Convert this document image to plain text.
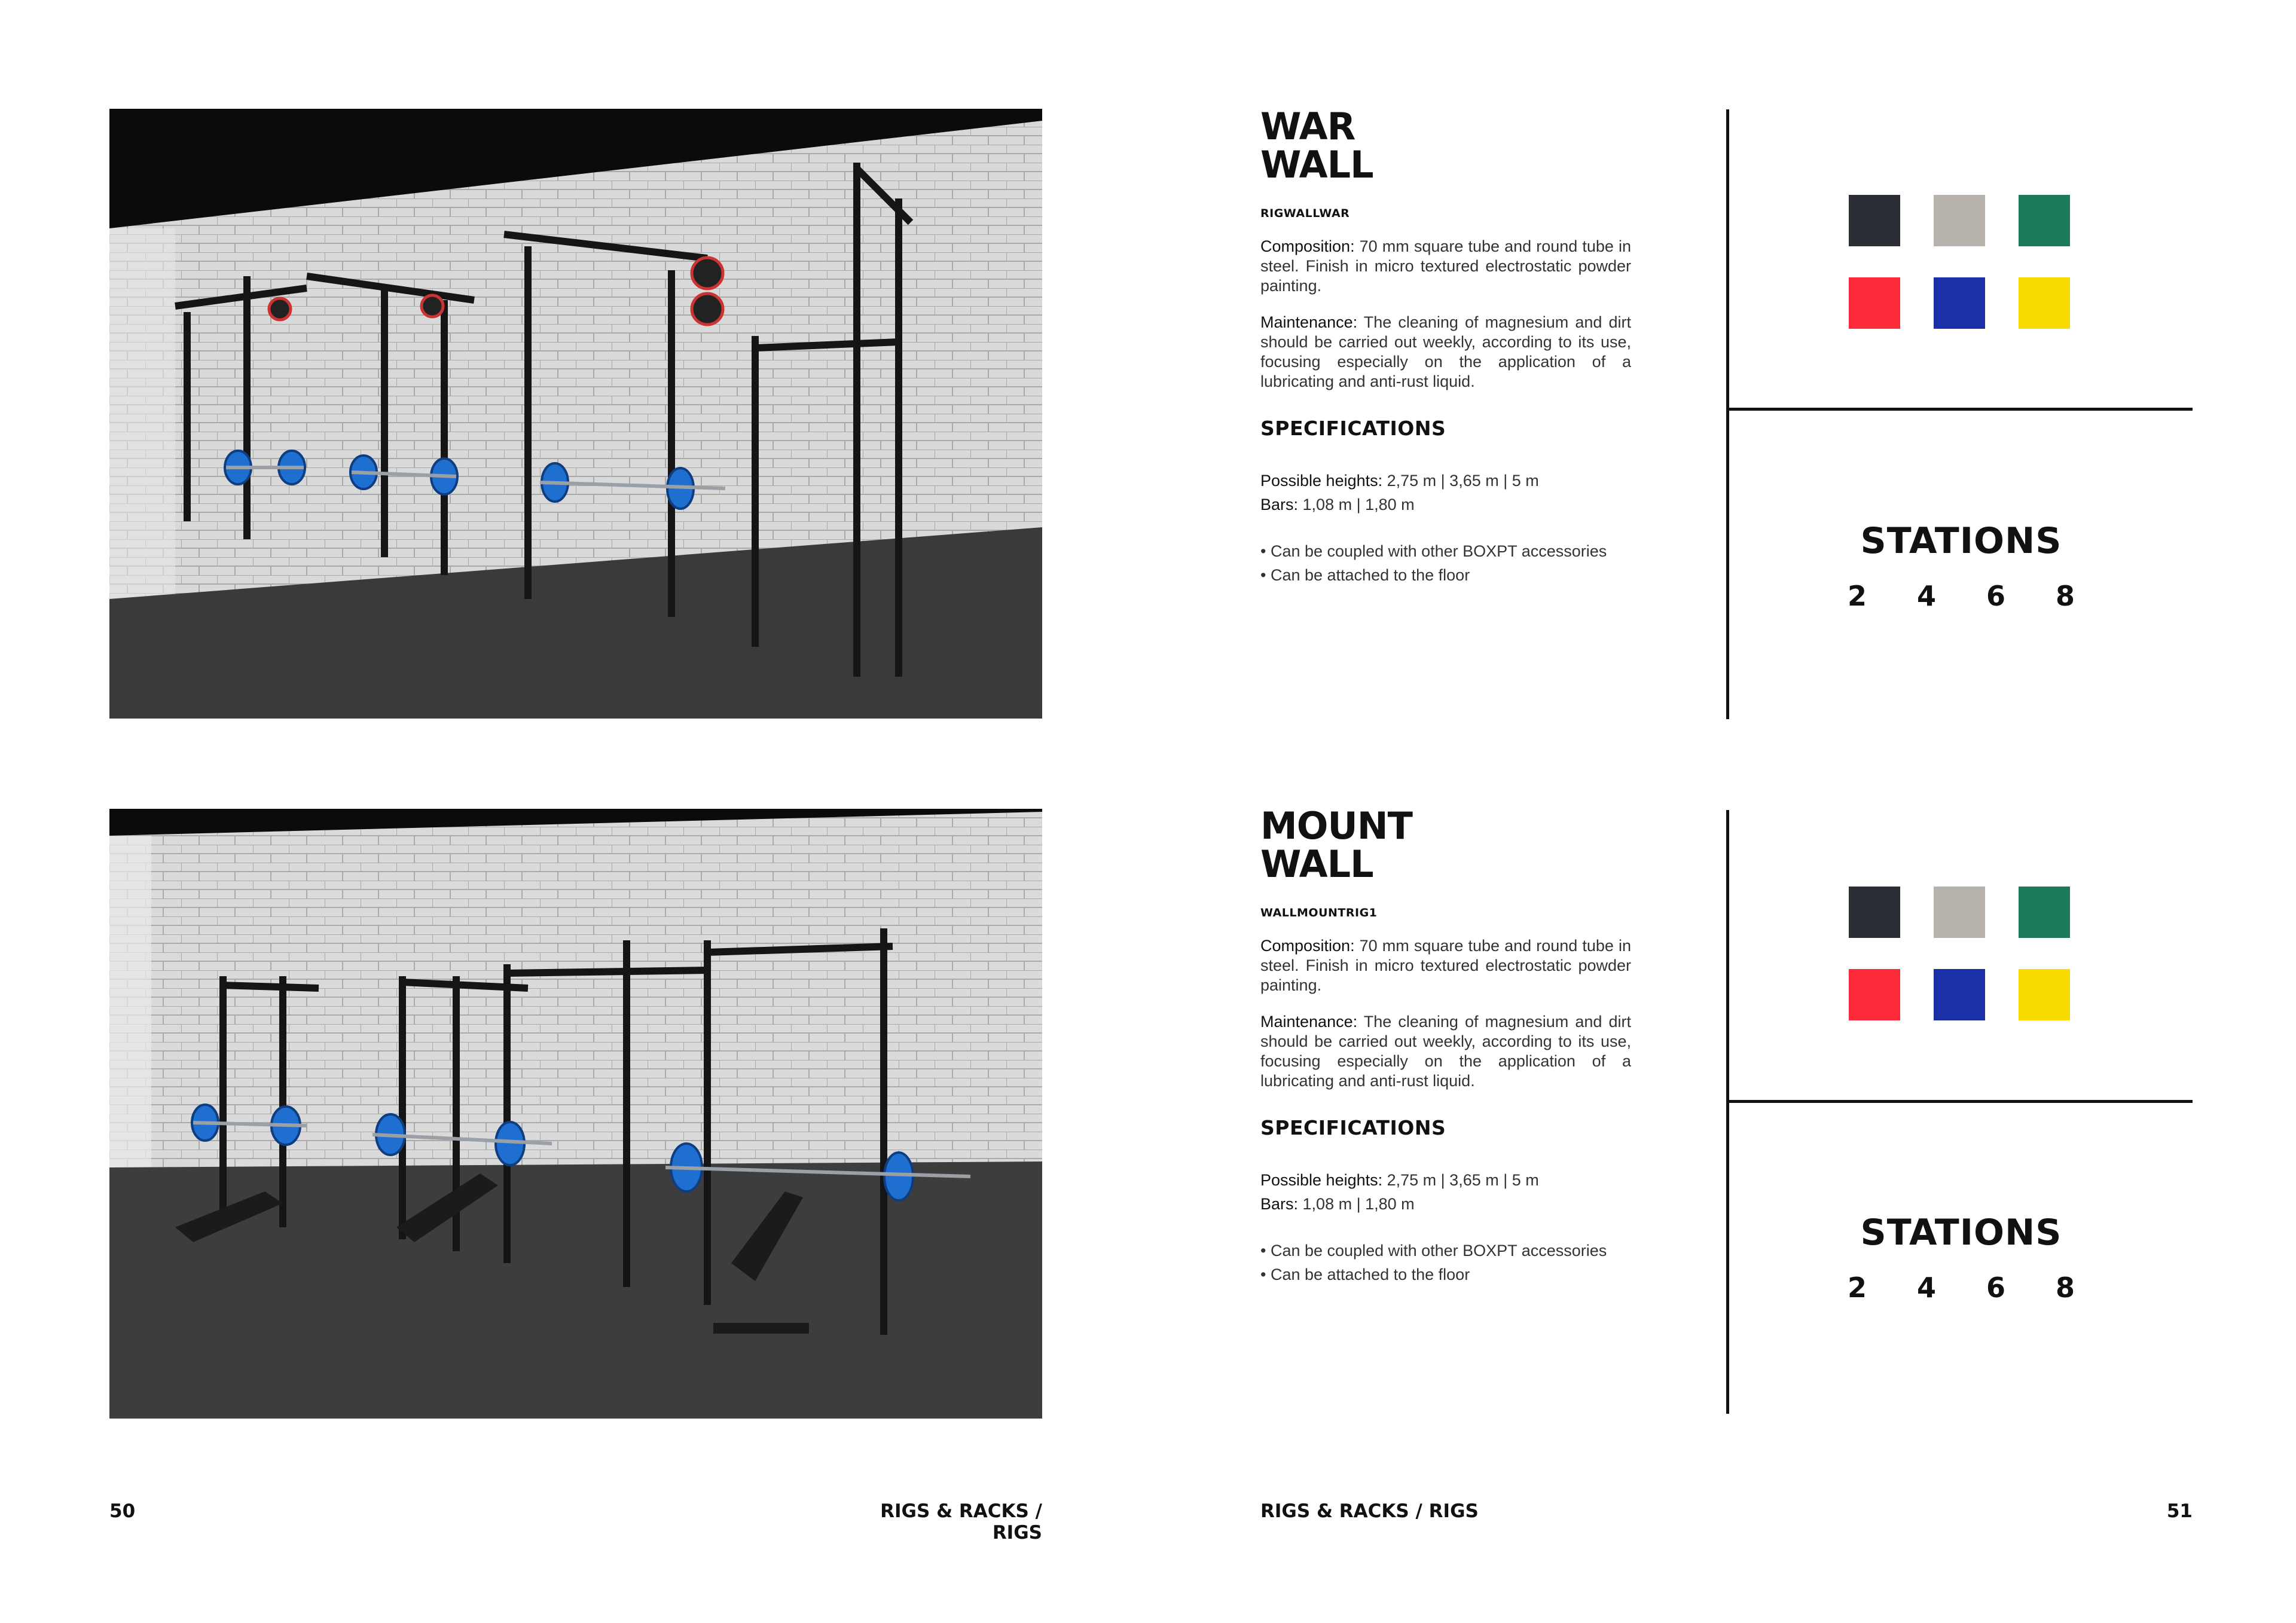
WAR
WALL
RIGWALLWAR
Composition: 70 mm square tube and round tube in steel. Finish in micro textured electrostatic powder painting.
Maintenance: The cleaning of magnesium and dirt should be carried out weekly, according to its use, focusing especially on the application of a lubricating and anti-rust liquid.
SPECIFICATIONS
Possible heights: 2,75 m | 3,65 m | 5 m
Bars: 1,08 m | 1,80 m
• Can be coupled with other BOXPT accessories
• Can be attached to the floor
MOUNT
WALL
WALLMOUNTRIG1
Composition: 70 mm square tube and round tube in steel. Finish in micro textured electrostatic powder painting.
Maintenance: The cleaning of magnesium and dirt should be carried out weekly, according to its use, focusing especially on the application of a lubricating and anti-rust liquid.
SPECIFICATIONS
Possible heights: 2,75 m | 3,65 m | 5 m
Bars: 1,08 m | 1,80 m
• Can be coupled with other BOXPT accessories
• Can be attached to the floor
STATIONS
2 4 6 8
STATIONS
2 4 6 8
50	RIGS & RACKS / RIGS
RIGS & RACKS / RIGS	51
